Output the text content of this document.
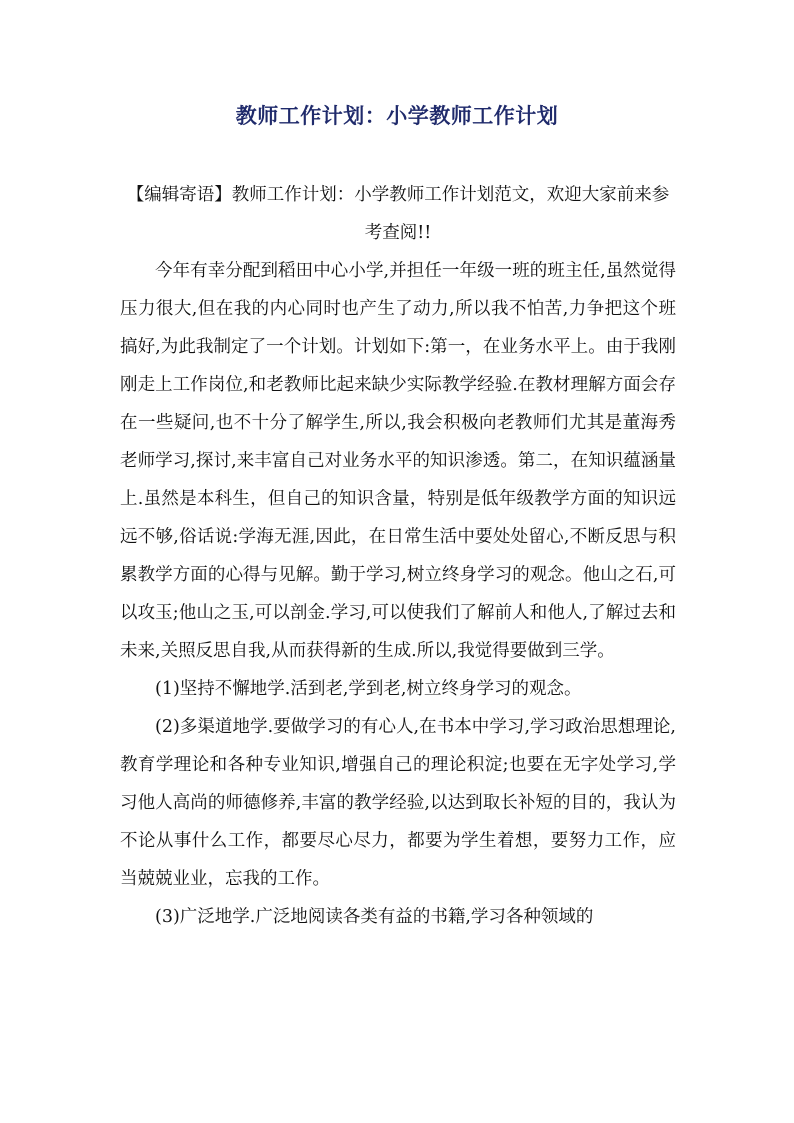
教师工作计划：小学教师工作计划

【编辑寄语】教师工作计划：小学教师工作计划范文，欢迎大家前来参考查阅!!

今年有幸分配到稻田中心小学,并担任一年级一班的班主任,虽然觉得压力很大,但在我的内心同时也产生了动力,所以我不怕苦,力争把这个班搞好,为此我制定了一个计划。计划如下:第一，在业务水平上。由于我刚刚走上工作岗位,和老教师比起来缺少实际教学经验.在教材理解方面会存在一些疑问,也不十分了解学生,所以,我会积极向老教师们尤其是董海秀老师学习,探讨,来丰富自己对业务水平的知识渗透。第二，在知识蕴涵量上.虽然是本科生，但自己的知识含量，特别是低年级教学方面的知识远远不够,俗话说:学海无涯,因此，在日常生活中要处处留心,不断反思与积累教学方面的心得与见解。勤于学习,树立终身学习的观念。他山之石,可以攻玉;他山之玉,可以剖金.学习,可以使我们了解前人和他人,了解过去和未来,关照反思自我,从而获得新的生成.所以,我觉得要做到三学。

(1)坚持不懈地学.活到老,学到老,树立终身学习的观念。

(2)多渠道地学.要做学习的有心人,在书本中学习,学习政治思想理论,教育学理论和各种专业知识,增强自己的理论积淀;也要在无字处学习,学习他人高尚的师德修养,丰富的教学经验,以达到取长补短的目的，我认为不论从事什么工作，都要尽心尽力，都要为学生着想，要努力工作，应当兢兢业业，忘我的工作。

(3)广泛地学.广泛地阅读各类有益的书籍,学习各种领域的
